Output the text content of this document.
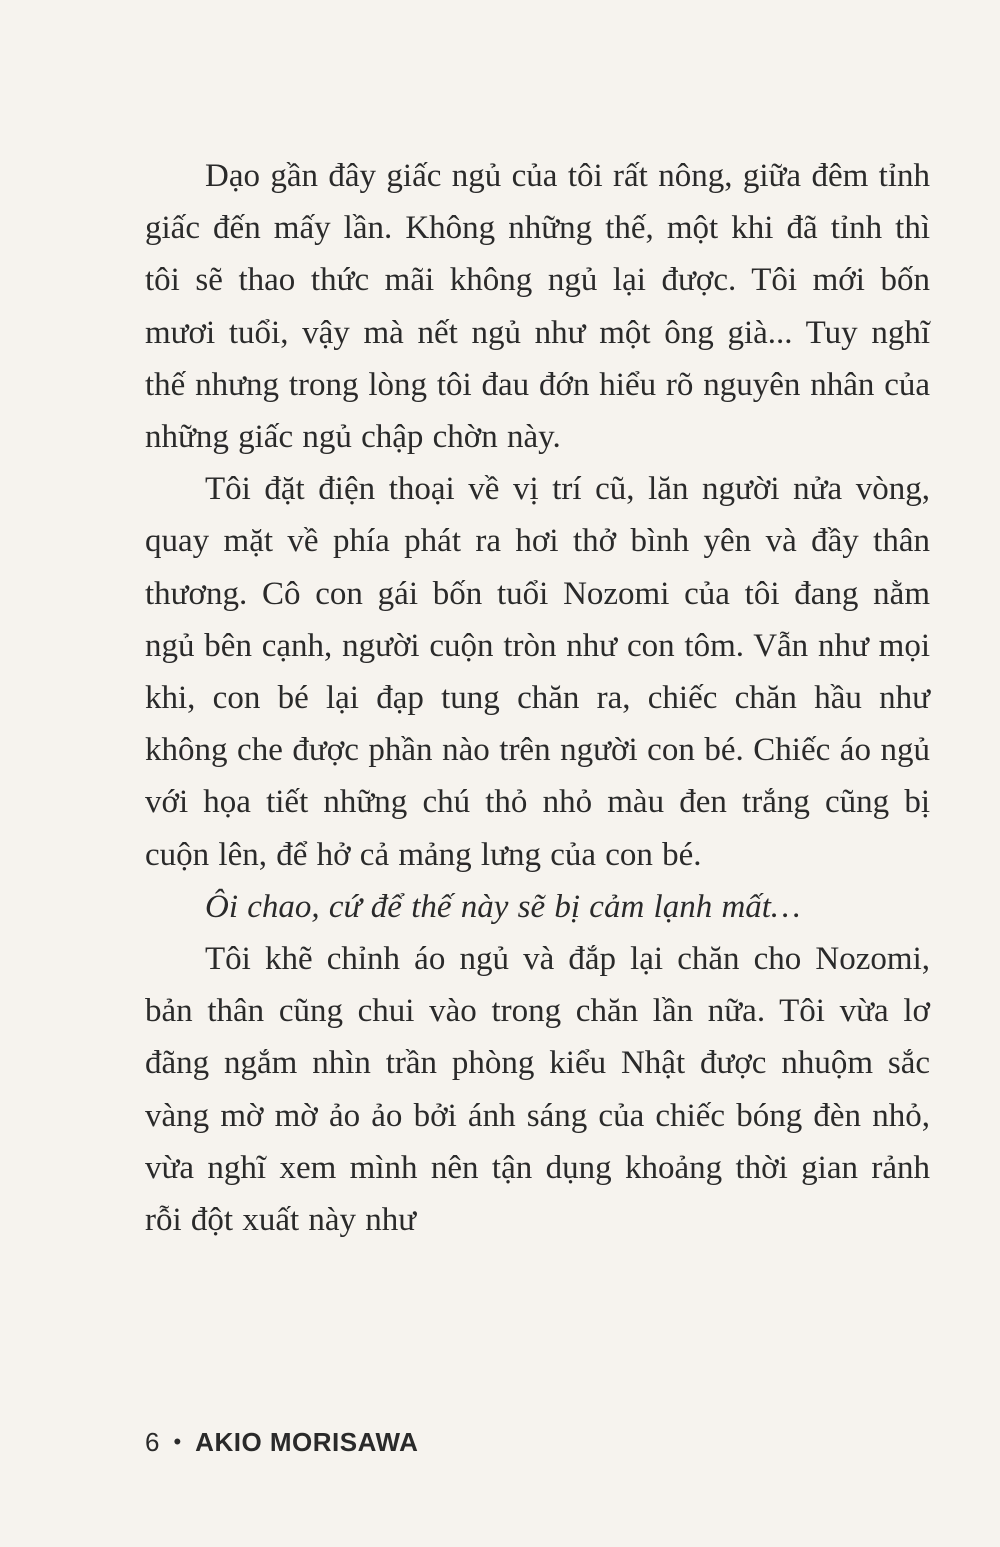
Dạo gần đây giấc ngủ của tôi rất nông, giữa đêm tỉnh giấc đến mấy lần. Không những thế, một khi đã tỉnh thì tôi sẽ thao thức mãi không ngủ lại được. Tôi mới bốn mươi tuổi, vậy mà nết ngủ như một ông già... Tuy nghĩ thế nhưng trong lòng tôi đau đớn hiểu rõ nguyên nhân của những giấc ngủ chập chờn này.

Tôi đặt điện thoại về vị trí cũ, lăn người nửa vòng, quay mặt về phía phát ra hơi thở bình yên và đầy thân thương. Cô con gái bốn tuổi Nozomi của tôi đang nằm ngủ bên cạnh, người cuộn tròn như con tôm. Vẫn như mọi khi, con bé lại đạp tung chăn ra, chiếc chăn hầu như không che được phần nào trên người con bé. Chiếc áo ngủ với họa tiết những chú thỏ nhỏ màu đen trắng cũng bị cuộn lên, để hở cả mảng lưng của con bé.

Ôi chao, cứ để thế này sẽ bị cảm lạnh mất…

Tôi khẽ chỉnh áo ngủ và đắp lại chăn cho Nozomi, bản thân cũng chui vào trong chăn lần nữa. Tôi vừa lơ đãng ngắm nhìn trần phòng kiểu Nhật được nhuộm sắc vàng mờ mờ ảo ảo bởi ánh sáng của chiếc bóng đèn nhỏ, vừa nghĩ xem mình nên tận dụng khoảng thời gian rảnh rỗi đột xuất này như

6 • AKIO MORISAWA
